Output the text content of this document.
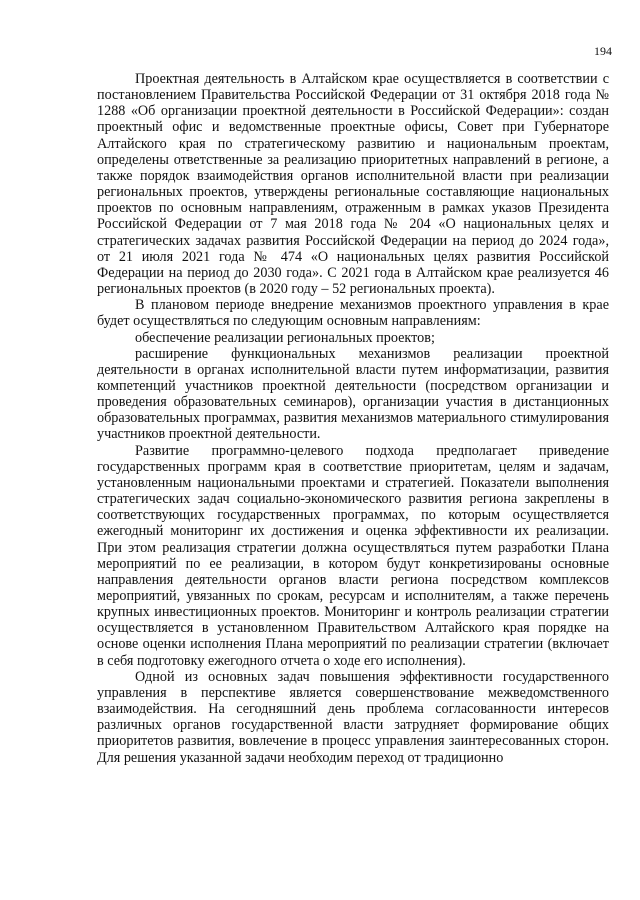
194

Проектная деятельность в Алтайском крае осуществляется в соответствии с постановлением Правительства Российской Федерации от 31 октября 2018 года № 1288 «Об организации проектной деятельности в Российской Федерации»: создан проектный офис и ведомственные проектные офисы, Совет при Губернаторе Алтайского края по стратегическому развитию и национальным проектам, определены ответственные за реализацию приоритетных направлений в регионе, а также порядок взаимодействия органов исполнительной власти при реализации региональных проектов, утверждены региональные составляющие национальных проектов по основным направлениям, отраженным в рамках указов Президента Российской Федерации от 7 мая 2018 года № 204 «О национальных целях и стратегических задачах развития Российской Федерации на период до 2024 года», от 21 июля 2021 года № 474 «О национальных целях развития Российской Федерации на период до 2030 года». С 2021 года в Алтайском крае реализуется 46 региональных проектов (в 2020 году – 52 региональных проекта).

В плановом периоде внедрение механизмов проектного управления в крае будет осуществляться по следующим основным направлениям:

обеспечение реализации региональных проектов;

расширение функциональных механизмов реализации проектной деятельности в органах исполнительной власти путем информатизации, развития компетенций участников проектной деятельности (посредством организации и проведения образовательных семинаров), организации участия в дистанционных образовательных программах, развития механизмов материального стимулирования участников проектной деятельности.

Развитие программно-целевого подхода предполагает приведение государственных программ края в соответствие приоритетам, целям и задачам, установленным национальными проектами и стратегией. Показатели выполнения стратегических задач социально-экономического развития региона закреплены в соответствующих государственных программах, по которым осуществляется ежегодный мониторинг их достижения и оценка эффективности их реализации. При этом реализация стратегии должна осуществляться путем разработки Плана мероприятий по ее реализации, в котором будут конкретизированы основные направления деятельности органов власти региона посредством комплексов мероприятий, увязанных по срокам, ресурсам и исполнителям, а также перечень крупных инвестиционных проектов. Мониторинг и контроль реализации стратегии осуществляется в установленном Правительством Алтайского края порядке на основе оценки исполнения Плана мероприятий по реализации стратегии (включает в себя подготовку ежегодного отчета о ходе его исполнения).

Одной из основных задач повышения эффективности государственного управления в перспективе является совершенствование межведомственного взаимодействия. На сегодняшний день проблема согласованности интересов различных органов государственной власти затрудняет формирование общих приоритетов развития, вовлечение в процесс управления заинтересованных сторон. Для решения указанной задачи необходим переход от традиционно
